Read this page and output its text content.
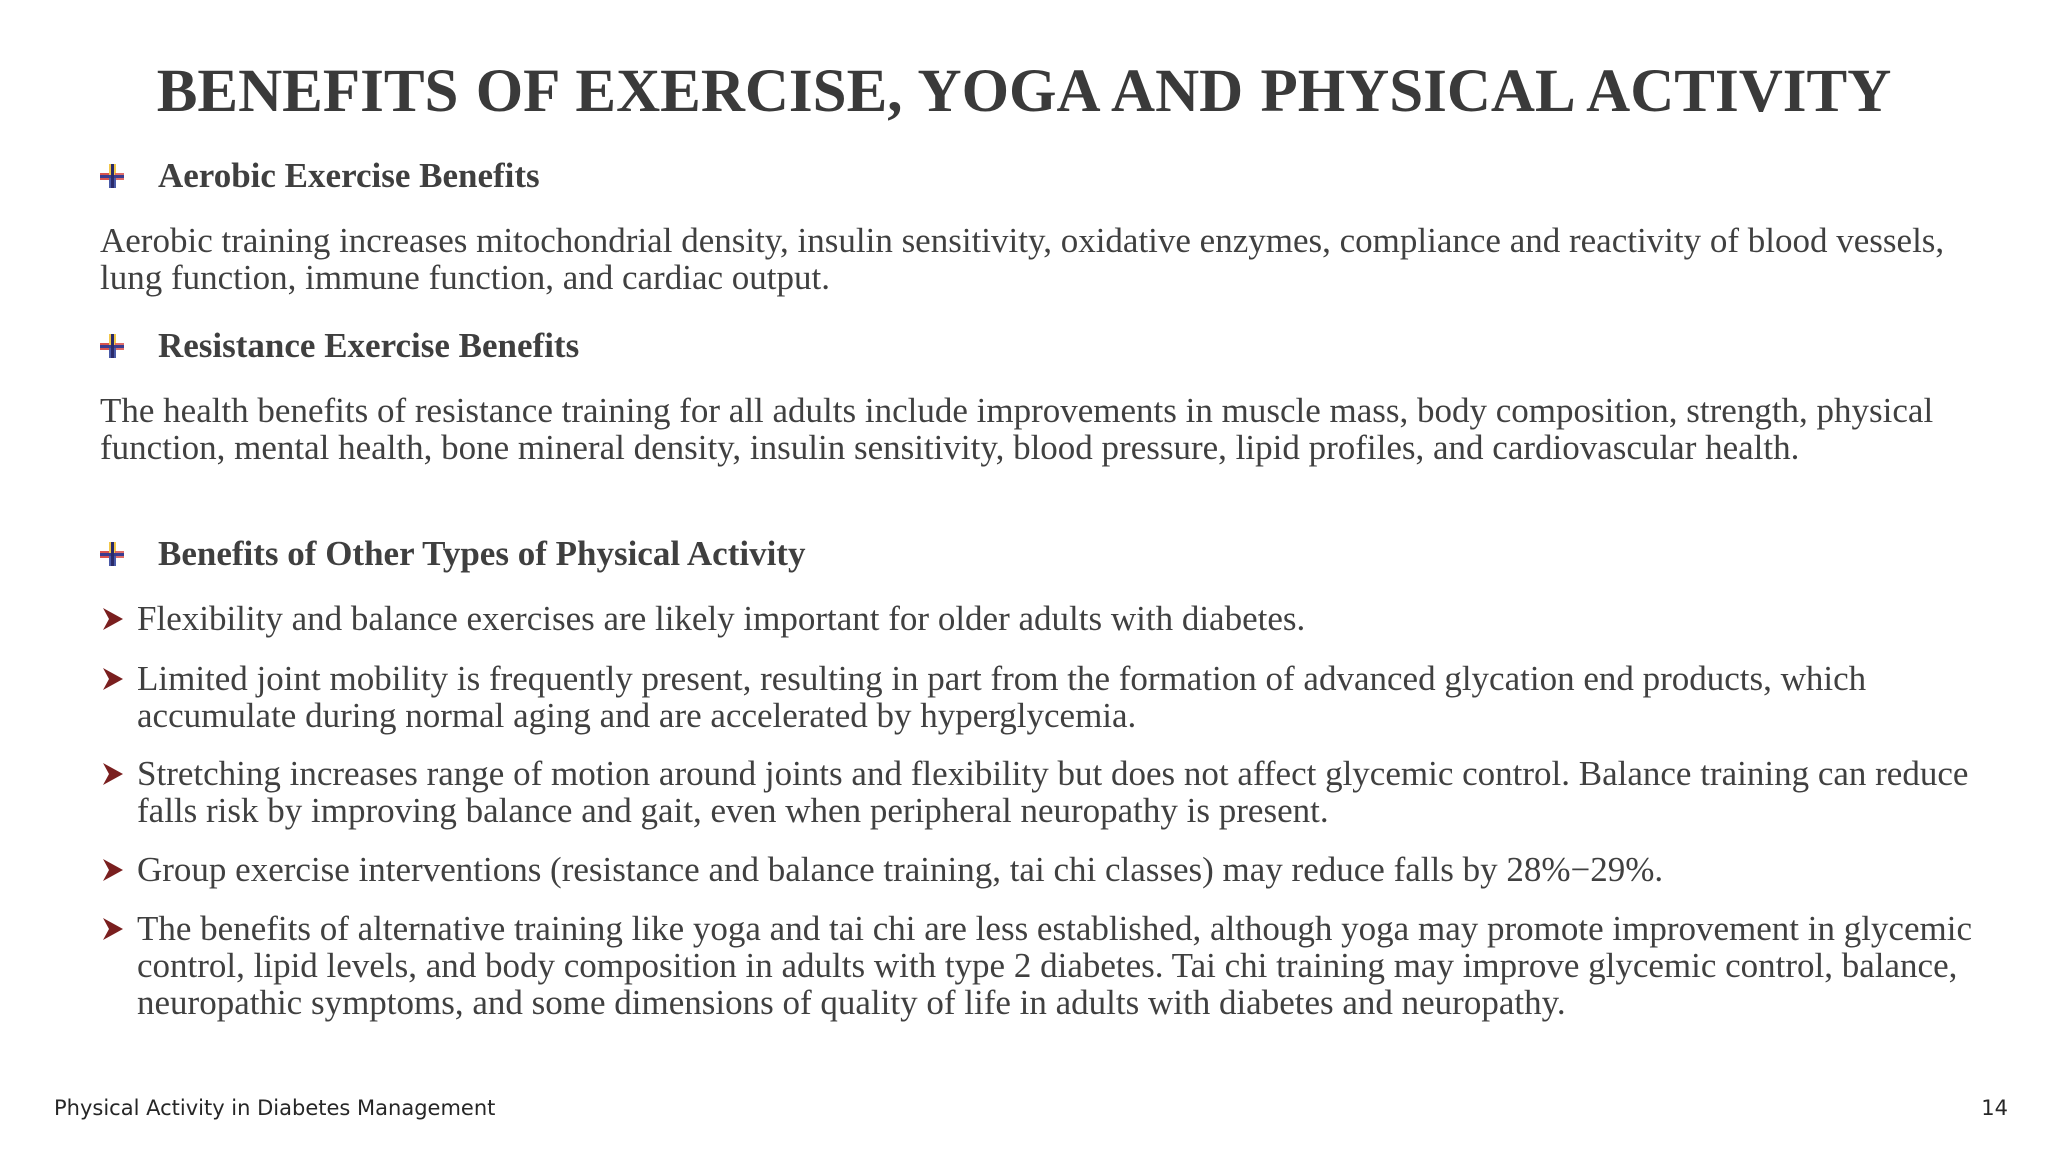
BENEFITS OF EXERCISE, YOGA AND PHYSICAL ACTIVITY
Aerobic Exercise Benefits
Aerobic training increases mitochondrial density, insulin sensitivity, oxidative enzymes, compliance and reactivity of blood vessels, lung function, immune function, and cardiac output.
Resistance Exercise Benefits
The health benefits of resistance training for all adults include improvements in muscle mass, body composition, strength, physical function, mental health, bone mineral density, insulin sensitivity, blood pressure, lipid profiles, and cardiovascular health.
Benefits of Other Types of Physical Activity
Flexibility and balance exercises are likely important for older adults with diabetes.
Limited joint mobility is frequently present, resulting in part from the formation of advanced glycation end products, which accumulate during normal aging and are accelerated by hyperglycemia.
Stretching increases range of motion around joints and flexibility but does not affect glycemic control. Balance training can reduce falls risk by improving balance and gait, even when peripheral neuropathy is present.
Group exercise interventions (resistance and balance training, tai chi classes) may reduce falls by 28%−29%.
The benefits of alternative training like yoga and tai chi are less established, although yoga may promote improvement in glycemic control, lipid levels, and body composition in adults with type 2 diabetes. Tai chi training may improve glycemic control, balance, neuropathic symptoms, and some dimensions of quality of life in adults with diabetes and neuropathy.
Physical Activity in Diabetes Management	14
